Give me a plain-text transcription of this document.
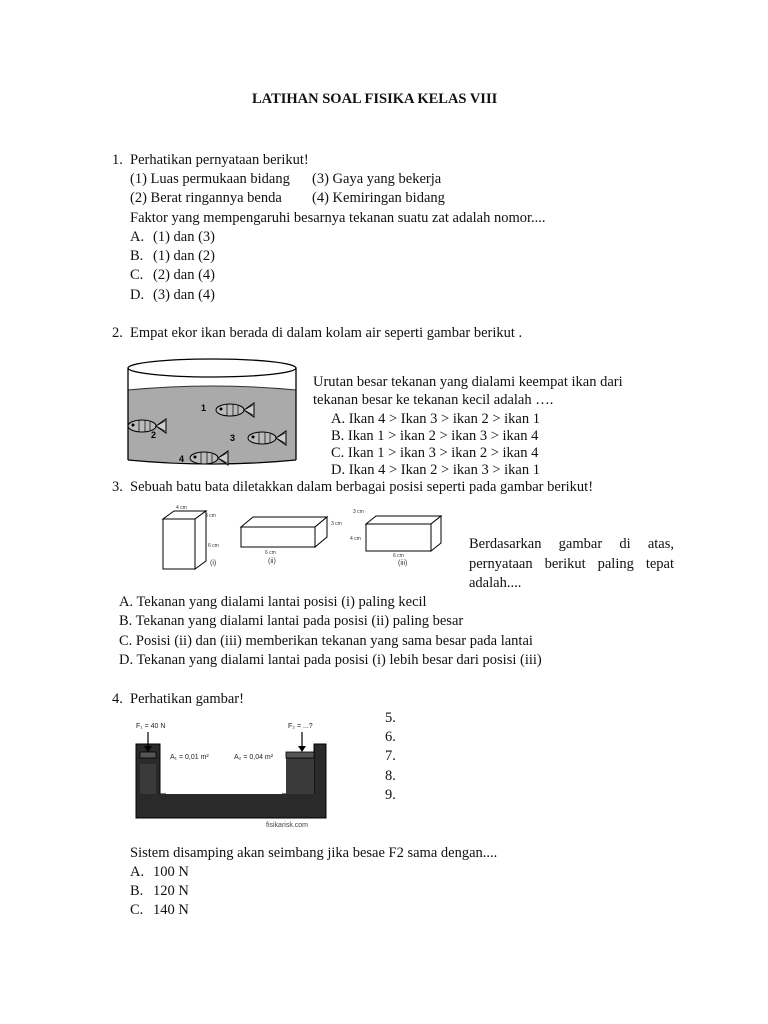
LATIHAN SOAL FISIKA KELAS VIII
1. Perhatikan pernyataan berikut!
(1) Luas permukaan bidang (3) Gaya yang bekerja
(2) Berat ringannya benda (4) Kemiringan bidang
Faktor yang mempengaruhi besarnya tekanan suatu zat adalah nomor....
A. (1) dan (3)
B. (1) dan (2)
C. (2) dan (4)
D. (3) dan (4)
2. Empat ekor ikan berada di dalam kolam air seperti gambar berikut .
1
2	3
4
Urutan besar tekanan yang dialami keempat ikan dari
tekanan besar ke tekanan kecil adalah ….
A. Ikan 4 > Ikan 3 > ikan 2 > ikan 1
B. Ikan 1 > ikan 2 > ikan 3 > ikan 4
C. Ikan 1 > ikan 3 > ikan 2 > ikan 4
D. Ikan 4 > Ikan 2 > ikan 3 > ikan 1
3. Sebuah batu bata diletakkan dalam berbagai posisi seperti pada gambar berikut!
4 cm
3 cm
6 cm
(i)
6 cm
3 cm
(ii)
3 cm
4 cm
6 cm
(iii)
Berdasarkan gambar di atas, pernyataan berikut paling tepat adalah....
A. Tekanan yang dialami lantai posisi (i) paling kecil
B. Tekanan yang dialami lantai pada posisi (ii) paling besar
C. Posisi (ii) dan (iii) memberikan tekanan yang sama besar pada lantai
D. Tekanan yang dialami lantai pada posisi (i) lebih besar dari posisi (iii)
4. Perhatikan gambar!
F₁ = 40 N
A₁ = 0,01 m²	A₂ = 0,04 m²
F₂ = ...?
fisikarisk.com
5.
6.
7.
8.
9.
Sistem disamping akan seimbang jika besae F2 sama dengan....
A. 100 N
B. 120 N
C. 140 N
